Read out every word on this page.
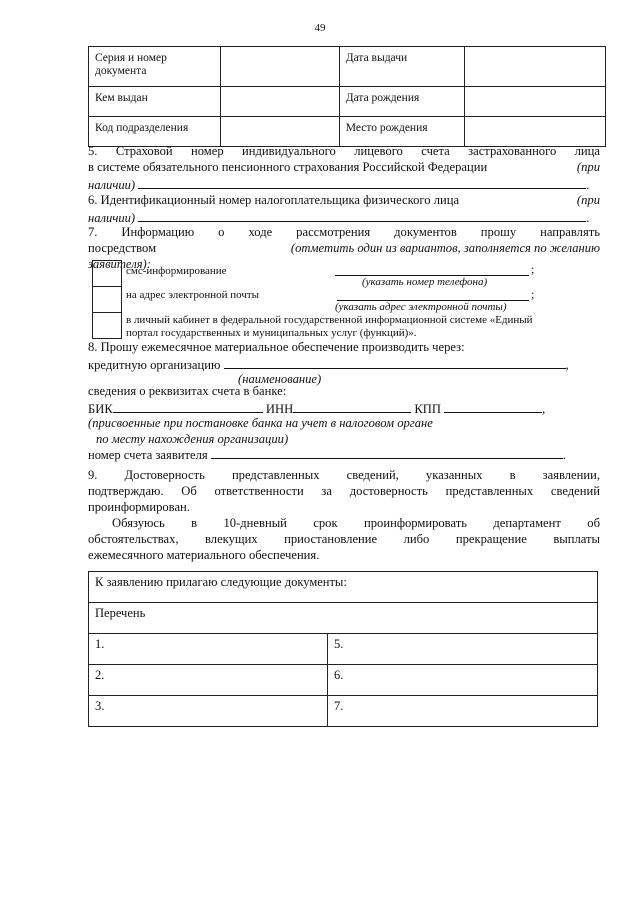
49
Серия и номер документа		Дата выдачи	
Кем выдан		Дата рождения	
Код подразделения		Место рождения	
5. Страховой номер индивидуального лицевого счета застрахованного лица
в системе обязательного пенсионного страхования Российской Федерации	(при
наличии)	.
6. Идентификационный номер налогоплательщика физического лица	(при
наличии)	.
7. Информацию о ходе рассмотрения документов прошу направлять
посредством	(отметить один из вариантов, заполняется по желанию
заявителя):
смс-информирование	;
(указать номер телефона)
на адрес электронной почты	;
(указать адрес электронной почты)
в личный кабинет в федеральной государственной информационной системе «Единый
портал государственных и муниципальных услуг (функций)».
8. Прошу ежемесячное материальное обеспечение производить через:
кредитную организацию	,
(наименование)
сведения о реквизитах счета в банке:
БИК	ИНН	КПП	,
(присвоенные при постановке банка на учет в налоговом органе
по месту нахождения организации)
номер счета заявителя	.
9. Достоверность представленных сведений, указанных в заявлении,
подтверждаю. Об ответственности за достоверность представленных сведений
проинформирован.
Обязуюсь в 10-дневный срок проинформировать департамент об
обстоятельствах, влекущих приостановление либо прекращение выплаты
ежемесячного материального обеспечения.
К заявлению прилагаю следующие документы:	
Перечень	
1.	5.
2.	6.
3.	7.
